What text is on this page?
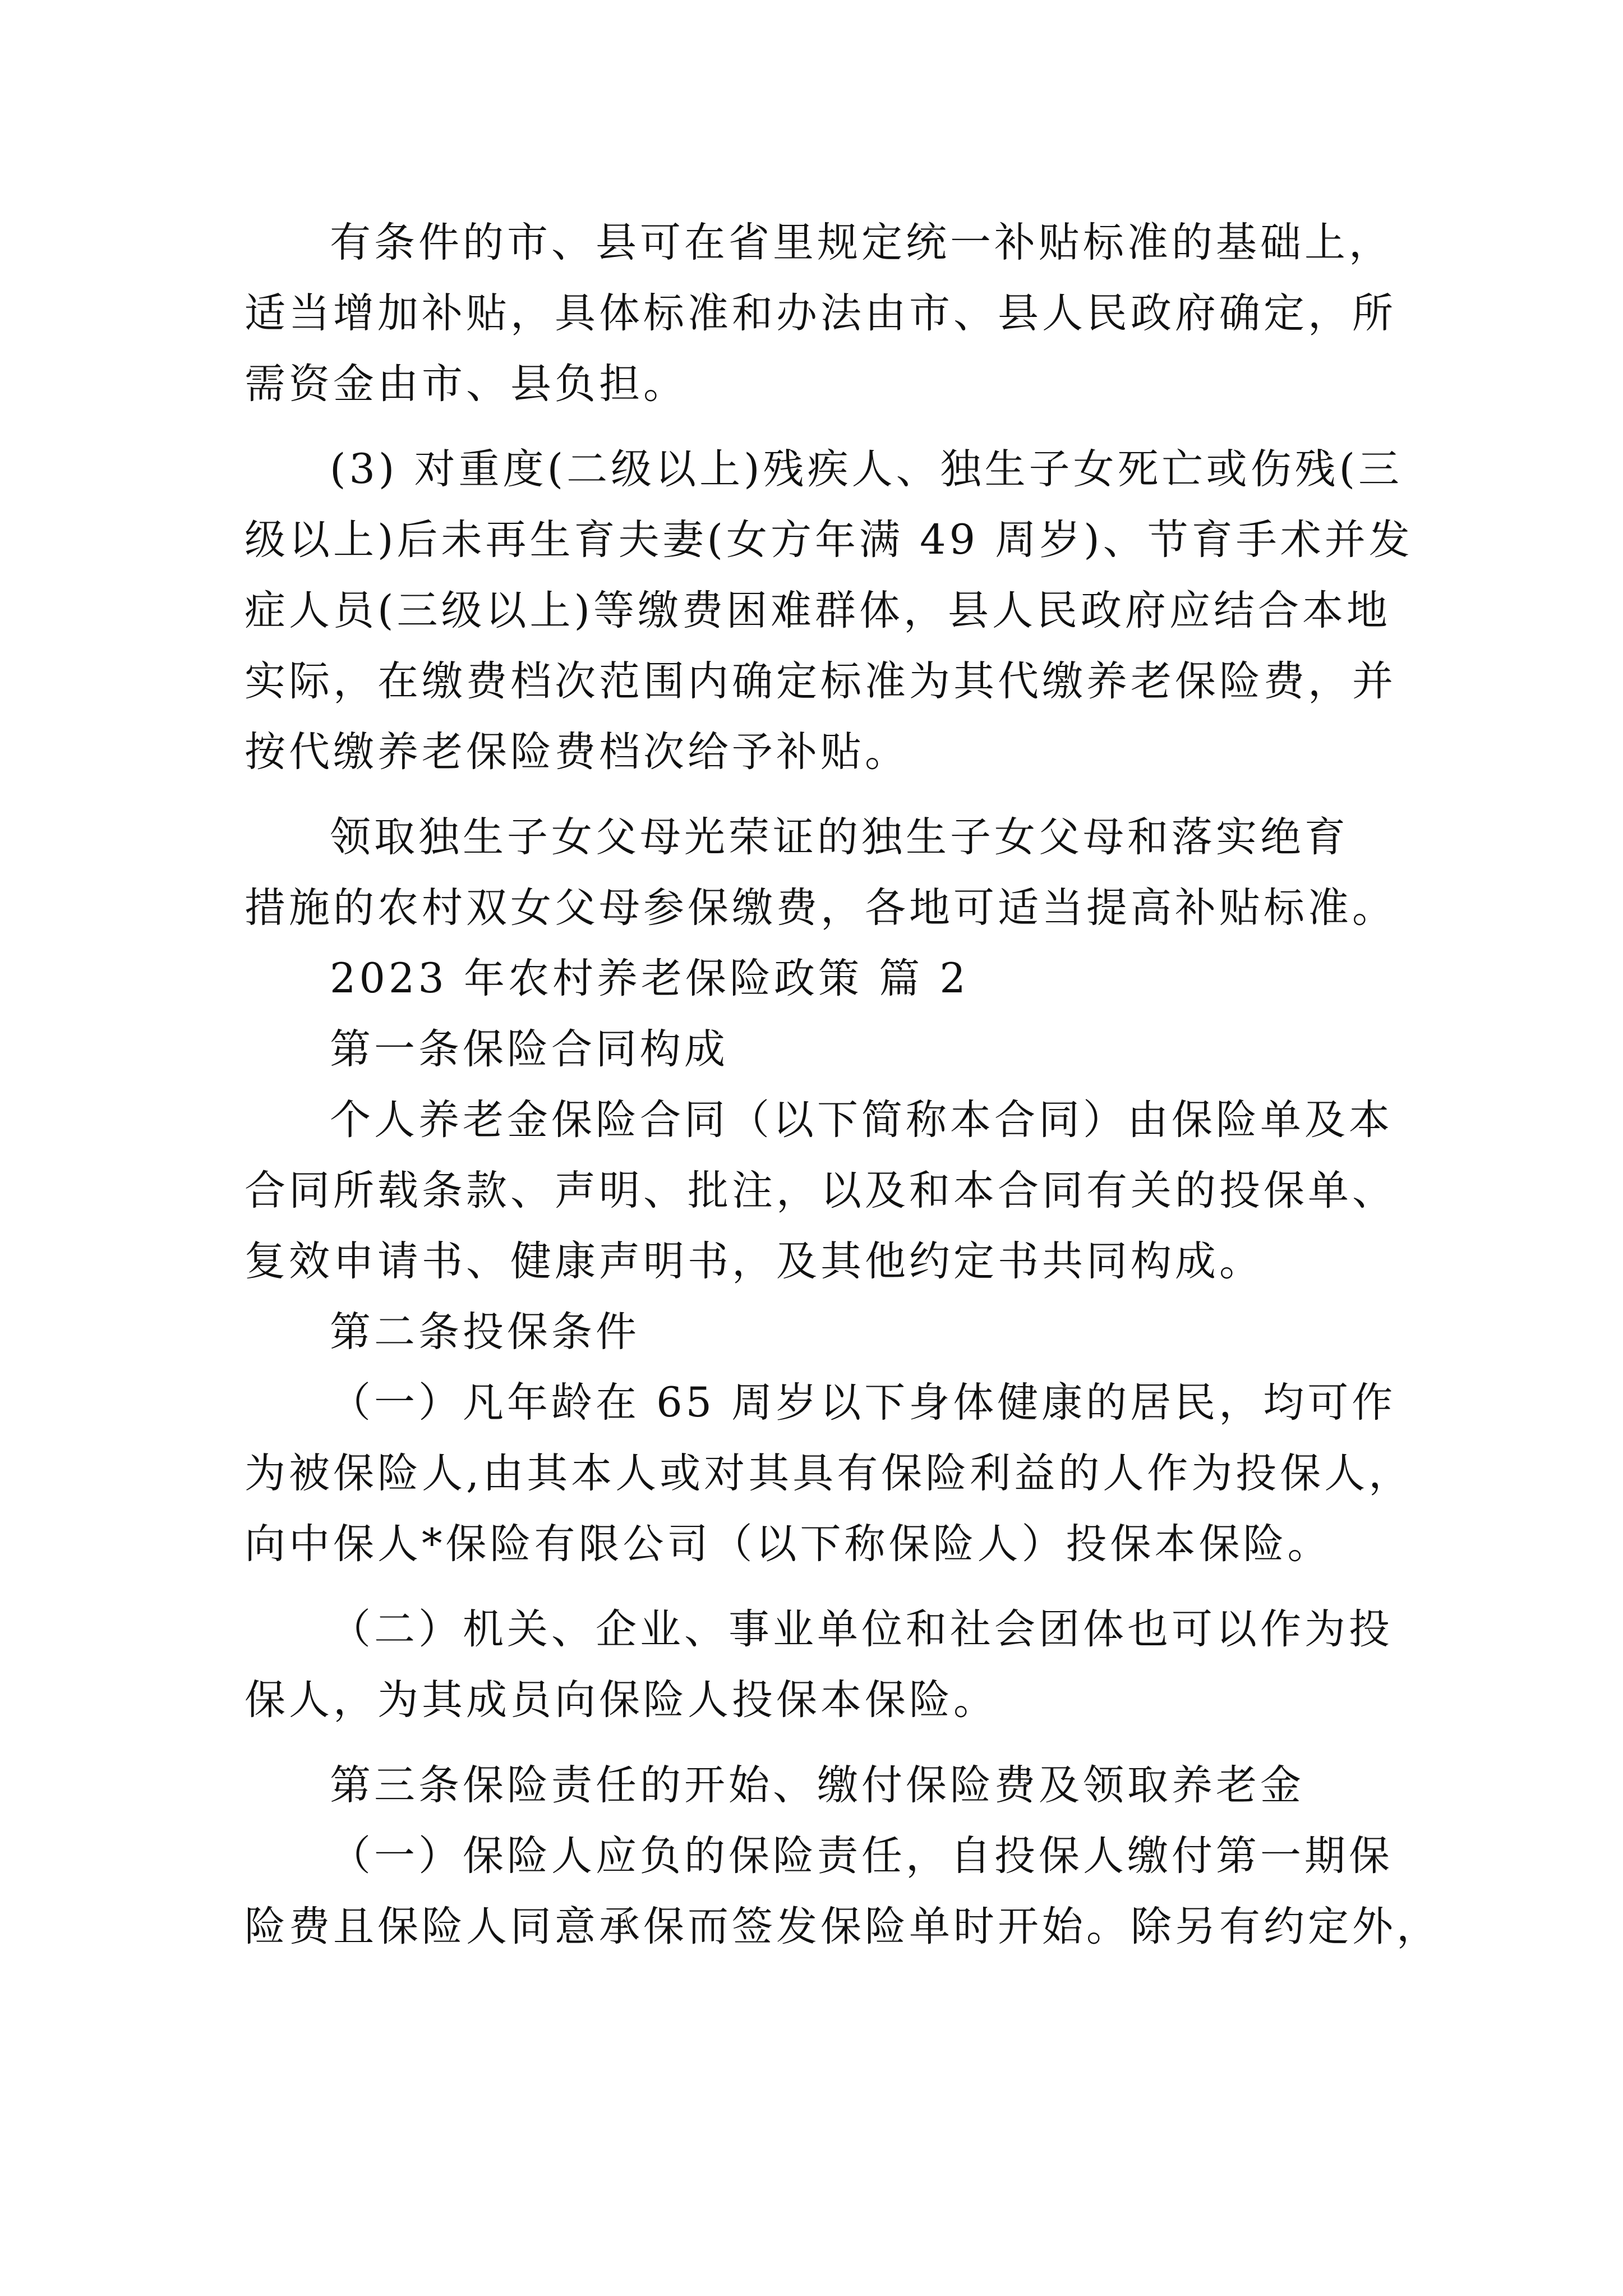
有条件的市、县可在省里规定统一补贴标准的基础上，
适当增加补贴，具体标准和办法由市、县人民政府确定，所
需资金由市、县负担。
(3) 对重度(二级以上)残疾人、独生子女死亡或伤残(三
级以上)后未再生育夫妻(女方年满 49 周岁)、节育手术并发
症人员(三级以上)等缴费困难群体，县人民政府应结合本地
实际，在缴费档次范围内确定标准为其代缴养老保险费，并
按代缴养老保险费档次给予补贴。
领取独生子女父母光荣证的独生子女父母和落实绝育
措施的农村双女父母参保缴费，各地可适当提高补贴标准。
2023 年农村养老保险政策 篇 2
第一条保险合同构成
个人养老金保险合同（以下简称本合同）由保险单及本
合同所载条款、声明、批注，以及和本合同有关的投保单、
复效申请书、健康声明书，及其他约定书共同构成。
第二条投保条件
（一）凡年龄在 65 周岁以下身体健康的居民，均可作
为被保险人,由其本人或对其具有保险利益的人作为投保人，
向中保人*保险有限公司（以下称保险人）投保本保险。
（二）机关、企业、事业单位和社会团体也可以作为投
保人，为其成员向保险人投保本保险。
第三条保险责任的开始、缴付保险费及领取养老金
（一）保险人应负的保险责任，自投保人缴付第一期保
险费且保险人同意承保而签发保险单时开始。除另有约定外，
